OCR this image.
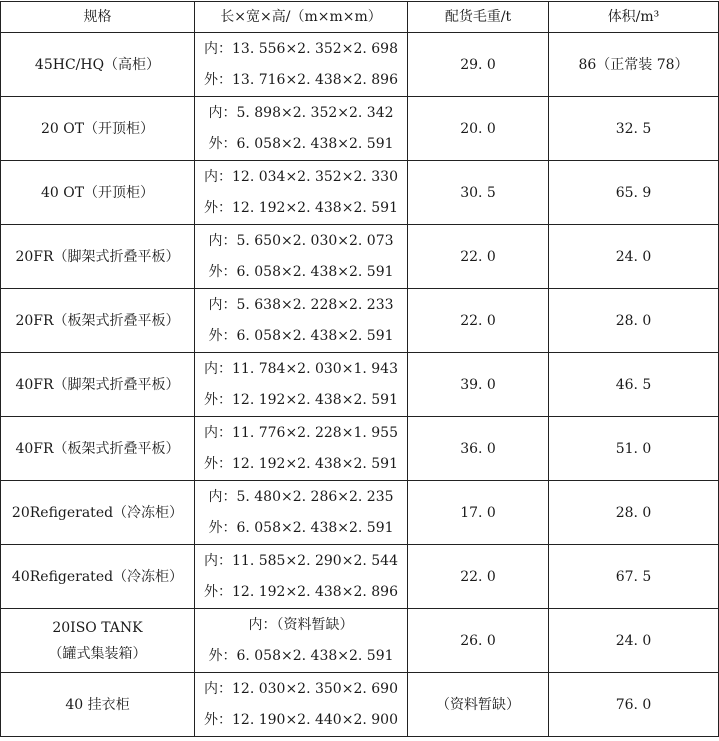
规格	长×宽×高/（m×m×m）	配货毛重/t	体积/m³

45HC/HQ（高柜）	内：13. 556×2. 352×2. 698
外：13. 716×2. 438×2. 896	29. 0	86（正常装 78）

20 OT（开顶柜）	内：5. 898×2. 352×2. 342
外：6. 058×2. 438×2. 591	20. 0	32. 5

40 OT（开顶柜）	内：12. 034×2. 352×2. 330
外：12. 192×2. 438×2. 591	30. 5	65. 9

20FR（脚架式折叠平板）	内：5. 650×2. 030×2. 073
外：6. 058×2. 438×2. 591	22. 0	24. 0

20FR（板架式折叠平板）	内：5. 638×2. 228×2. 233
外：6. 058×2. 438×2. 591	22. 0	28. 0

40FR（脚架式折叠平板）	内：11. 784×2. 030×1. 943
外：12. 192×2. 438×2. 591	39. 0	46. 5

40FR（板架式折叠平板）	内：11. 776×2. 228×1. 955
外：12. 192×2. 438×2. 591	36. 0	51. 0

20Refigerated（冷冻柜）	内：5. 480×2. 286×2. 235
外：6. 058×2. 438×2. 591	17. 0	28. 0

40Refigerated（冷冻柜）	内：11. 585×2. 290×2. 544
外：12. 192×2. 438×2. 896	22. 0	67. 5

20ISO TANK
（罐式集装箱）	内：（资料暂缺）
外：6. 058×2. 438×2. 591	26. 0	24. 0

40 挂衣柜	内：12. 030×2. 350×2. 690
外：12. 190×2. 440×2. 900	（资料暂缺）	76. 0
